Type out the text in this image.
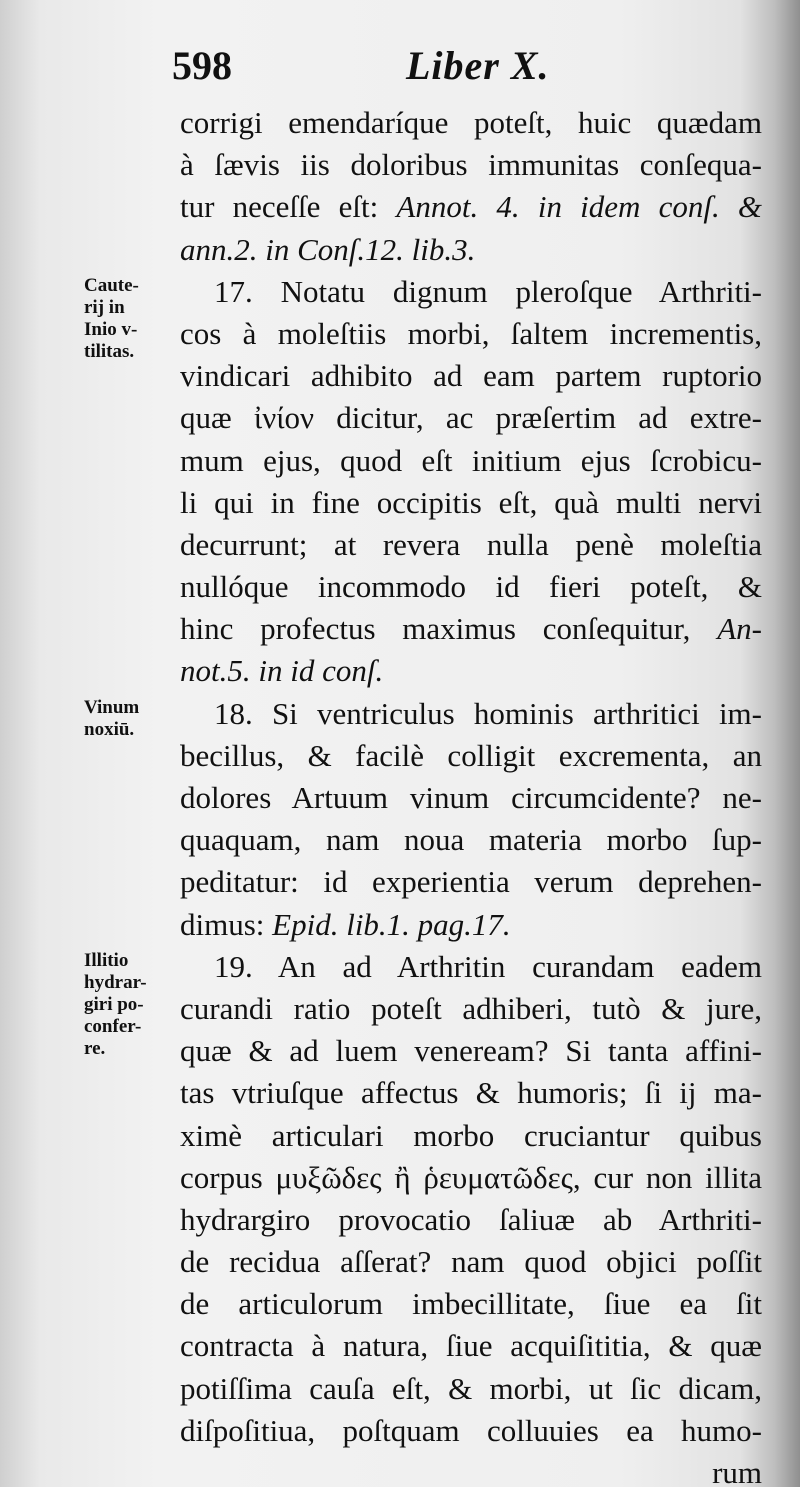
598	Liber X.
Caute-
rij in
Inio v-
tilitas.
Vinum
noxiū.
Illitio
hydrar-
giri po-
confer-
re.
corrigi emendaríque poteſt, huic quædam
à ſævis iis doloribus immunitas conſequa-
tur neceſſe eſt: Annot. 4. in idem conſ. &
ann.2. in Conſ.12. lib.3.
17. Notatu dignum pleroſque Arthriti-
cos à moleſtiis morbi, ſaltem incrementis,
vindicari adhibito ad eam partem ruptorio
quæ ἰνίον dicitur, ac præſertim ad extre-
mum ejus, quod eſt initium ejus ſcrobicu-
li qui in fine occipitis eſt, quà multi nervi
decurrunt; at revera nulla penè moleſtia
nullóque incommodo id fieri poteſt, &
hinc profectus maximus conſequitur, An-
not.5. in id conſ.
18. Si ventriculus hominis arthritici im-
becillus, & facilè colligit excrementa, an
dolores Artuum vinum circumcidente? ne-
quaquam, nam noua materia morbo ſup-
peditatur: id experientia verum deprehen-
dimus: Epid. lib.1. pag.17.
19. An ad Arthritin curandam eadem
curandi ratio poteſt adhiberi, tutò & jure,
quæ & ad luem veneream? Si tanta affini-
tas vtriuſque affectus & humoris; ſi ij ma-
ximè articulari morbo cruciantur quibus
corpus μυξῶδες ἢ ῥευματῶδες, cur non illita
hydrargiro provocatio ſaliuæ ab Arthriti-
de recidua aſſerat? nam quod objici poſſit
de articulorum imbecillitate, ſiue ea ſit
contracta à natura, ſiue acquiſititia, & quæ
potiſſima cauſa eſt, & morbi, ut ſic dicam,
diſpoſitiua, poſtquam colluuies ea humo-
rum
